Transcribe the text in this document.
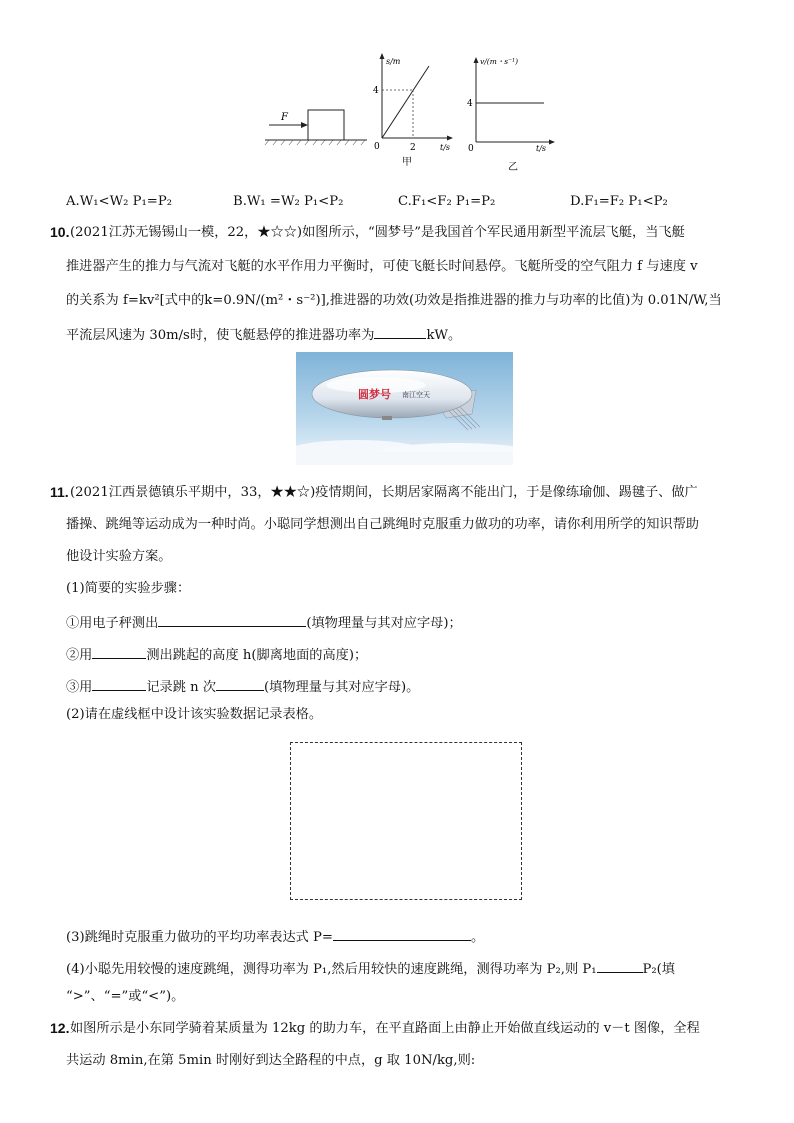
F
s/m
t/s
4
2
0
甲
v/(m・s⁻¹)
t/s
4
0
乙
A.W₁<W₂ P₁=P₂	B.W₁ =W₂ P₁<P₂	C.F₁<F₂ P₁=P₂	D.F₁=F₂ P₁<P₂
10. (2021江苏无锡锡山一模，22，★☆☆)如图所示，“圆梦号”是我国首个军民通用新型平流层飞艇，当飞艇
推进器产生的推力与气流对飞艇的水平作用力平衡时，可使飞艇长时间悬停。飞艇所受的空气阻力 f 与速度 v
的关系为 f=kv²[式中的k=0.9N/(m²・s⁻²)],推进器的功效(功效是指推进器的推力与功率的比值)为 0.01N/W,当
平流层风速为 30m/s时，使飞艇悬停的推进器功率为	kW。
圆梦号 南江空天
11. (2021江西景德镇乐平期中，33，★★☆)疫情期间，长期居家隔离不能出门，于是像练瑜伽、踢毽子、做广
播操、跳绳等运动成为一种时尚。小聪同学想测出自己跳绳时克服重力做功的功率，请你利用所学的知识帮助
他设计实验方案。
(1)简要的实验步骤：
①用电子秤测出	(填物理量与其对应字母)；
②用	测出跳起的高度 h(脚离地面的高度)；
③用	记录跳 n 次	(填物理量与其对应字母)。
(2)请在虚线框中设计该实验数据记录表格。
(3)跳绳时克服重力做功的平均功率表达式 P=	。
(4)小聪先用较慢的速度跳绳，测得功率为 P₁,然后用较快的速度跳绳，测得功率为 P₂,则 P₁	P₂(填
“>”、“=”或“<”)。
12. 如图所示是小东同学骑着某质量为 12kg 的助力车，在平直路面上由静止开始做直线运动的 v－t 图像，全程
共运动 8min,在第 5min 时刚好到达全路程的中点，g 取 10N/kg,则:
